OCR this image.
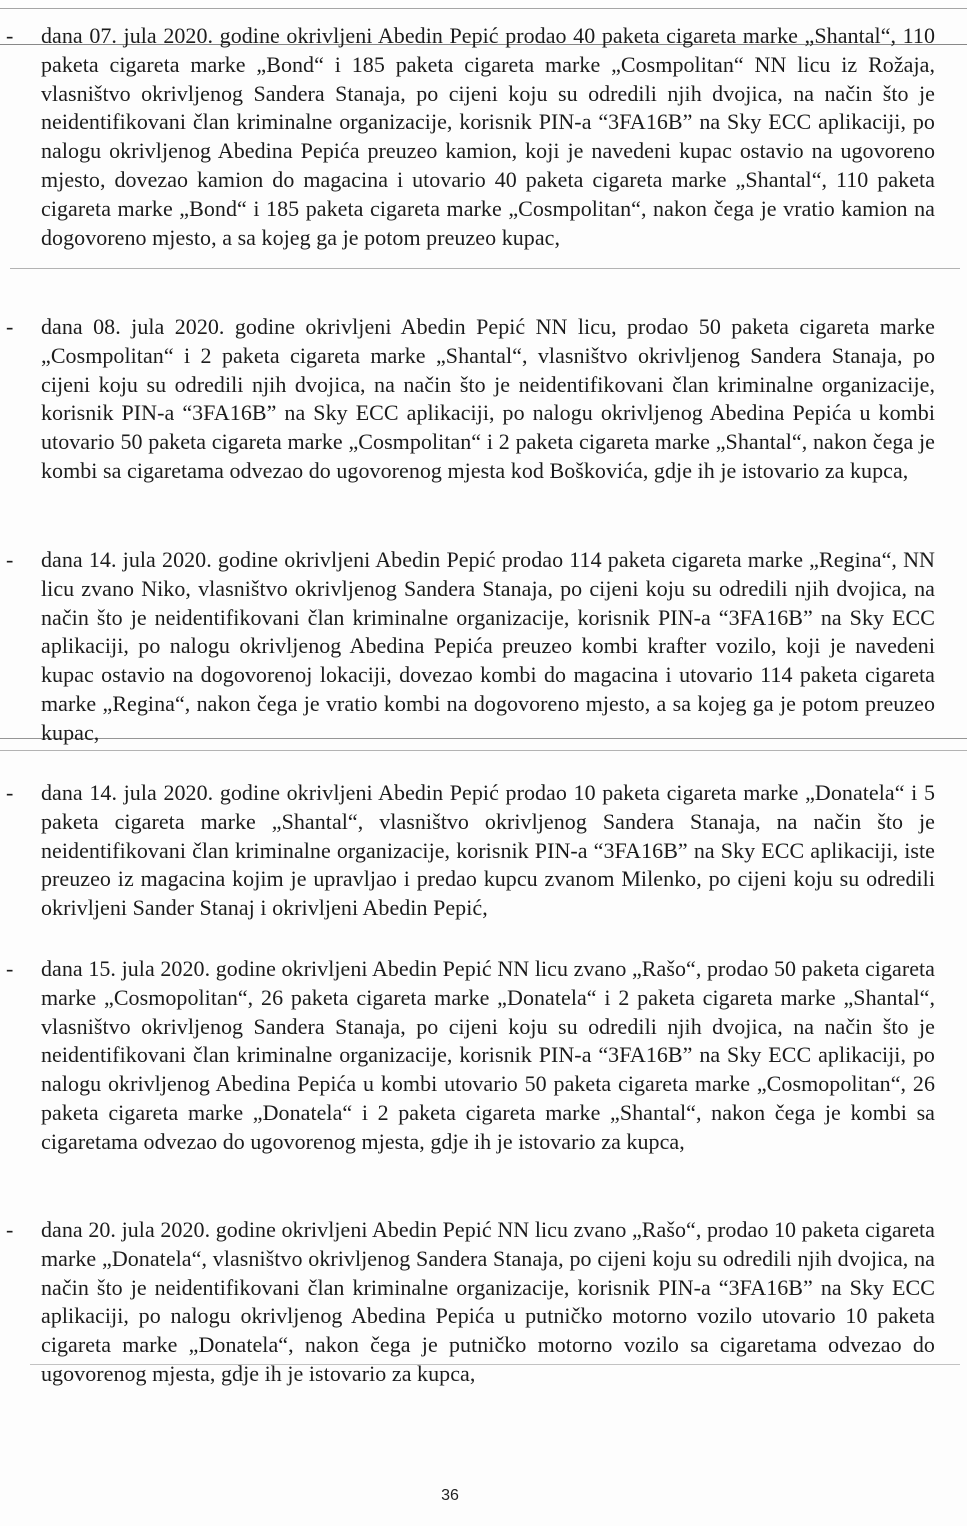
- dana 07. jula 2020. godine okrivljeni Abedin Pepić prodao 40 paketa cigareta marke „Shantal“, 110 paketa cigareta marke „Bond“ i 185 paketa cigareta marke „Cosmpolitan“ NN licu iz Rožaja, vlasništvo okrivljenog Sandera Stanaja, po cijeni koju su odredili njih dvojica, na način što je neidentifikovani član kriminalne organizacije, korisnik PIN-a “3FA16B” na Sky ECC aplikaciji, po nalogu okrivljenog Abedina Pepića preuzeo kamion, koji je navedeni kupac ostavio na ugovoreno mjesto, dovezao kamion do magacina i utovario 40 paketa cigareta marke „Shantal“, 110 paketa cigareta marke „Bond“ i 185 paketa cigareta marke „Cosmpolitan“, nakon čega je vratio kamion na dogovoreno mjesto, a sa kojeg ga je potom preuzeo kupac,
- dana 08. jula 2020. godine okrivljeni Abedin Pepić NN licu, prodao 50 paketa cigareta marke „Cosmpolitan“ i 2 paketa cigareta marke „Shantal“, vlasništvo okrivljenog Sandera Stanaja, po cijeni koju su odredili njih dvojica, na način što je neidentifikovani član kriminalne organizacije, korisnik PIN-a “3FA16B” na Sky ECC aplikaciji, po nalogu okrivljenog Abedina Pepića u kombi utovario 50 paketa cigareta marke „Cosmpolitan“ i 2 paketa cigareta marke „Shantal“, nakon čega je kombi sa cigaretama odvezao do ugovorenog mjesta kod Boškovića, gdje ih je istovario za kupca,
- dana 14. jula 2020. godine okrivljeni Abedin Pepić prodao 114 paketa cigareta marke „Regina“, NN licu zvano Niko, vlasništvo okrivljenog Sandera Stanaja, po cijeni koju su odredili njih dvojica, na način što je neidentifikovani član kriminalne organizacije, korisnik PIN-a “3FA16B” na Sky ECC aplikaciji, po nalogu okrivljenog Abedina Pepića preuzeo kombi krafter vozilo, koji je navedeni kupac ostavio na dogovorenoj lokaciji, dovezao kombi do magacina i utovario 114 paketa cigareta marke „Regina“, nakon čega je vratio kombi na dogovoreno mjesto, a sa kojeg ga je potom preuzeo kupac,
- dana 14. jula 2020. godine okrivljeni Abedin Pepić prodao 10 paketa cigareta marke „Donatela“ i 5 paketa cigareta marke „Shantal“, vlasništvo okrivljenog Sandera Stanaja, na način što je neidentifikovani član kriminalne organizacije, korisnik PIN-a “3FA16B” na Sky ECC aplikaciji, iste preuzeo iz magacina kojim je upravljao i predao kupcu zvanom Milenko, po cijeni koju su odredili okrivljeni Sander Stanaj i okrivljeni Abedin Pepić,
- dana 15. jula 2020. godine okrivljeni Abedin Pepić NN licu zvano „Rašo“, prodao 50 paketa cigareta marke „Cosmopolitan“, 26 paketa cigareta marke „Donatela“ i 2 paketa cigareta marke „Shantal“, vlasništvo okrivljenog Sandera Stanaja, po cijeni koju su odredili njih dvojica, na način što je neidentifikovani član kriminalne organizacije, korisnik PIN-a “3FA16B” na Sky ECC aplikaciji, po nalogu okrivljenog Abedina Pepića u kombi utovario 50 paketa cigareta marke „Cosmopolitan“, 26 paketa cigareta marke „Donatela“ i 2 paketa cigareta marke „Shantal“, nakon čega je kombi sa cigaretama odvezao do ugovorenog mjesta, gdje ih je istovario za kupca,
- dana 20. jula 2020. godine okrivljeni Abedin Pepić NN licu zvano „Rašo“, prodao 10 paketa cigareta marke „Donatela“, vlasništvo okrivljenog Sandera Stanaja, po cijeni koju su odredili njih dvojica, na način što je neidentifikovani član kriminalne organizacije, korisnik PIN-a “3FA16B” na Sky ECC aplikaciji, po nalogu okrivljenog Abedina Pepića u putničko motorno vozilo utovario 10 paketa cigareta marke „Donatela“, nakon čega je putničko motorno vozilo sa cigaretama odvezao do ugovorenog mjesta, gdje ih je istovario za kupca,
36
